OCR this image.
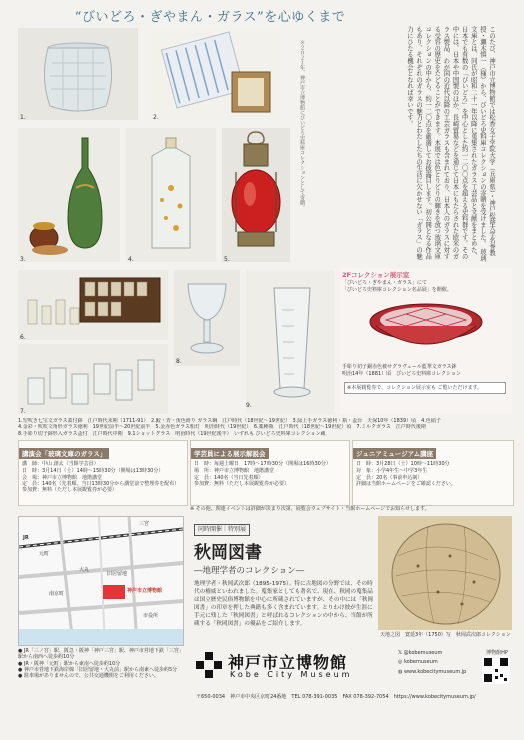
“びいどろ・ぎやまん・ガラス”を心ゆくまで
1.	2.
3.	4.	5.
このたび、神戸市立博物館では松香女子学院大学（兵庫県）・神戸松蔭大学名誉教授・瀬木慎一（様）から、びいどろ史料庫コレクションの寄贈を受けました。 玻璃文庫とは、同氏が昭和二十一年以降に蒐集されたガラス工芸品と文献をまとめた、日本でも有数の「びいどろ」を中心とした約一二〇〇点を超える史料群です。その中には、日本や中国製のほか、長崎貿易などを通じて日本にもたらされた欧米のガラス製品、わが国の近代以降の工芸ガラスも含まれており、日本人のガラスに対する受容の歴史をたどることができます。本展では色とりどりの輝きを放つ玻璃文庫コレクションの中から、約一二〇点を厳選してお披露目します。初公開となる作品もあり、それぞれのガラスの魅力とわたしたちの生活に欠かせない「ガラス」の魅力にひたる機会となれば幸いです。
※２０２１年、神戸市立博物館にびいどろ史料庫コレクションとして寄贈。
6.
7.
8.
9.
2Fコレクション展示室
「びいどろ・ぎやまん・ガラス」にて
「びいどろ史料庫コレクション名品展」を開催。
手彫り切子銅赤色被せグラヴェール藍華文ガラス鉢
明治14年（1881）頃　びいどろ史料庫コレクション
※本展観覧券で、コレクション展示室も ご覧いただけます。
1.型吹き七宝文ガラス蓋付鉢　江戸時代末期（1711-91）　2.鮫・青・黄色蒔り ガラス鋼　江戸時代（18世紀〜19世紀）　3.緑上手ガラス徳利・瓶・盃台　天保10年（1839）頃　4.色硝子
4.金彩・吹吹文角形ガラス徳利　19世紀前半〜20世紀前半　5.金赤色ガラス船灯　明治時代（19世紀）　6.薬種瓶　江戸時代（18世紀〜19世紀）頃　7.ミルクガラス　江戸時代後期
8.手彫り切子鉢形入ガラス盃付　江戸時代中期　9.1ショットグラス　明治時代（19世紀後半）　いずれも びいどろ史料庫コレクション蔵
講演会「玻璃文庫のガラス」
講　師：中山 創太（当館学芸員）
日　時：3月14日（土）14時〜15時30分（開場は13時30分）
会　場：神戸市立博物館　地階講堂
定　員：140名（先着順、当日13時30分から講堂前で整理券を配布）
参加費：無料（ただし本展観覧券が必要）
学芸員による展示解説会
日　時：毎週土曜日　17時〜17時30分（開場は16時30分）
場　所：神戸市立博物館　地階講堂
定　員：140名（当日先着順）
参加費：無料（ただし本展観覧券が必要）
ジュニアミュージアム講座
日　時：3月28日（土）10時〜11時30分
対　象：小学4年生〜中学3年生
定　員：20名（事前申込制）
詳細は当館ホームページをご確認ください。
※ その他、関連イベントは詳細が決まり次第、展覧会ウェブサイト・当館ホームページでお知らせします。
JR
元町
三宮
神戸市立博物館
旧居留地
南京町
大丸
市役所
同時開催｜特別展
秋岡図書
―地理学者のコレクション―
地理学者・秋岡武次郎（1895-1975）。特に古地図の分野では、その時代の権威といわれました。蒐集家としても著名で、現在、秋岡の蒐集品は国立歴史民俗博物館を中心に所蔵されていますが、その中には「秋岡図書」の印章を押した典籍も多く含まれています。とりわけ彼が生涯に手元に残した「秋岡図書」と呼ばれるコレクションの中から、当館が所蔵する「秋岡図書」の優品をご紹介します。
天地之図　寛延3年（1750）写　秋岡武次郎コレクション
● JR「三ノ宮」駅、阪急・阪神「神戸三宮」駅、神戸市営地下鉄「三宮」駅から南西へ徒歩約10分
● JR・阪神「元町」駅から東南へ徒歩約10分
● 神戸市営地下鉄海岸線「旧居留地・大丸前」駅から南東へ徒歩約5分
● 駐車場がありませんので、公共交通機関をご利用ください。
神戸市立博物館
Kobe City Museum
𝕏 @kobemuseum
◎ kobemuseum
◍ www.kobecitymuseum.jp
博物館HP
〒650-0034　神戸市中央区京町24番地　TEL 078-391-0035　FAX 078-392-7054　https://www.kobecitymuseum.jp/
